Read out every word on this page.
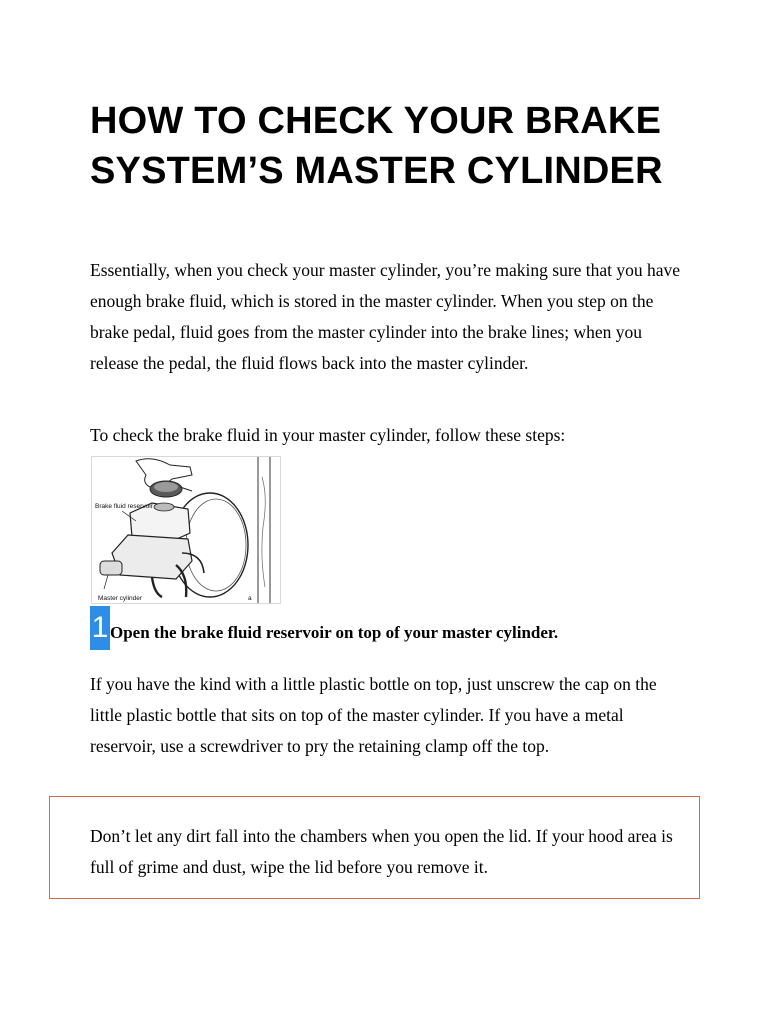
HOW TO CHECK YOUR BRAKE SYSTEM’S MASTER CYLINDER

Essentially, when you check your master cylinder, you’re making sure that you have enough brake fluid, which is stored in the master cylinder. When you step on the brake pedal, fluid goes from the master cylinder into the brake lines; when you release the pedal, the fluid flows back into the master cylinder.

To check the brake fluid in your master cylinder, follow these steps:

Brake fluid reservoir
Master cylinder	a
1 Open the brake fluid reservoir on top of your master cylinder.

If you have the kind with a little plastic bottle on top, just unscrew the cap on the little plastic bottle that sits on top of the master cylinder. If you have a metal reservoir, use a screwdriver to pry the retaining clamp off the top.

Don’t let any dirt fall into the chambers when you open the lid. If your hood area is full of grime and dust, wipe the lid before you remove it.
